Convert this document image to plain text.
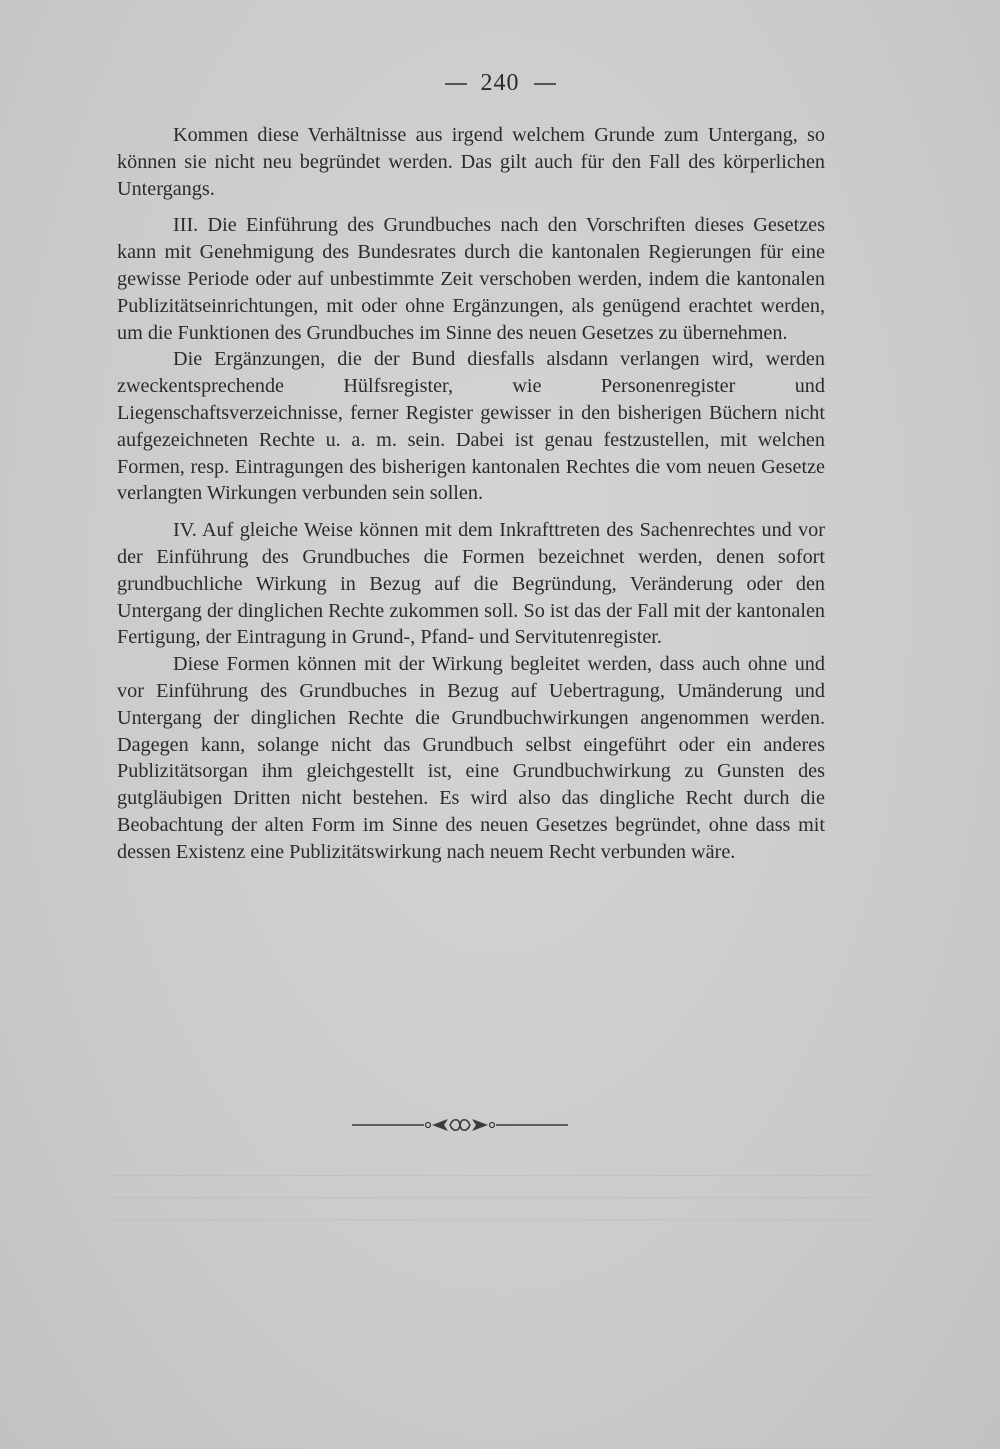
240

Kommen diese Verhältnisse aus irgend welchem Grunde zum Untergang, so können sie nicht neu begründet werden. Das gilt auch für den Fall des körperlichen Untergangs.

III. Die Einführung des Grundbuches nach den Vorschriften dieses Gesetzes kann mit Genehmigung des Bundesrates durch die kantonalen Regierungen für eine gewisse Periode oder auf unbestimmte Zeit verschoben werden, indem die kantonalen Publizitätseinrichtungen, mit oder ohne Ergänzungen, als genügend erachtet werden, um die Funktionen des Grundbuches im Sinne des neuen Gesetzes zu übernehmen.

Die Ergänzungen, die der Bund diesfalls alsdann verlangen wird, werden zweckentsprechende Hülfsregister, wie Personenregister und Liegenschaftsverzeichnisse, ferner Register gewisser in den bisherigen Büchern nicht aufgezeichneten Rechte u. a. m. sein. Dabei ist genau festzustellen, mit welchen Formen, resp. Eintragungen des bisherigen kantonalen Rechtes die vom neuen Gesetze verlangten Wirkungen verbunden sein sollen.

IV. Auf gleiche Weise können mit dem Inkrafttreten des Sachenrechtes und vor der Einführung des Grundbuches die Formen bezeichnet werden, denen sofort grundbuchliche Wirkung in Bezug auf die Begründung, Veränderung oder den Untergang der dinglichen Rechte zukommen soll. So ist das der Fall mit der kantonalen Fertigung, der Eintragung in Grund-, Pfand- und Servitutenregister.

Diese Formen können mit der Wirkung begleitet werden, dass auch ohne und vor Einführung des Grundbuches in Bezug auf Uebertragung, Umänderung und Untergang der dinglichen Rechte die Grundbuchwirkungen angenommen werden. Dagegen kann, solange nicht das Grundbuch selbst eingeführt oder ein anderes Publizitätsorgan ihm gleichgestellt ist, eine Grundbuchwirkung zu Gunsten des gutgläubigen Dritten nicht bestehen. Es wird also das dingliche Recht durch die Beobachtung der alten Form im Sinne des neuen Gesetzes begründet, ohne dass mit dessen Existenz eine Publizitätswirkung nach neuem Recht verbunden wäre.
